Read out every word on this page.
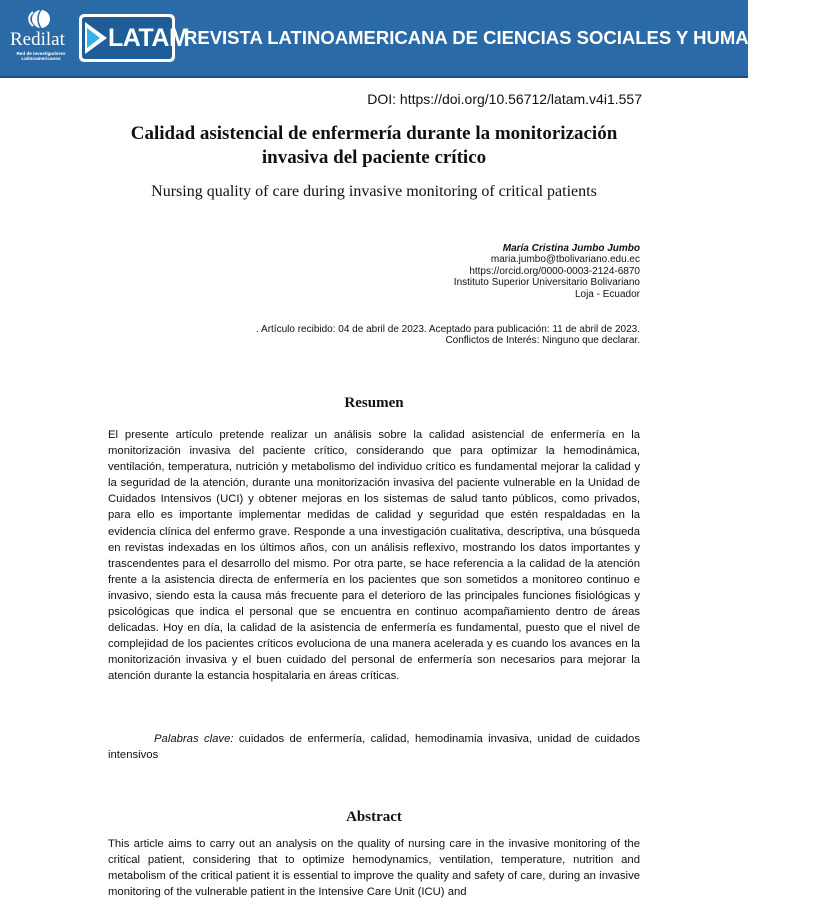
Redilat
Red de Investigadores Latinoamericanos
LATAM
REVISTA LATINOAMERICANA DE CIENCIAS SOCIALES Y HUMANIDADES
DOI: https://doi.org/10.56712/latam.v4i1.557
Calidad asistencial de enfermería durante la monitorización invasiva del paciente crítico
Nursing quality of care during invasive monitoring of critical patients
María Cristina Jumbo Jumbo
maria.jumbo@tbolivariano.edu.ec
https://orcid.org/0000-0003-2124-6870
Instituto Superior Universitario Bolivariano
Loja - Ecuador
. Artículo recibido: 04 de abril de 2023. Aceptado para publicación: 11 de abril de 2023.
Conflictos de Interés: Ninguno que declarar.
Resumen
El presente artículo pretende realizar un análisis sobre la calidad asistencial de enfermería en la monitorización invasiva del paciente crítico, considerando que para optimizar la hemodinámica, ventilación, temperatura, nutrición y metabolismo del individuo crítico es fundamental mejorar la calidad y la seguridad de la atención, durante una monitorización invasiva del paciente vulnerable en la Unidad de Cuidados Intensivos (UCI) y obtener mejoras en los sistemas de salud tanto públicos, como privados, para ello es importante implementar medidas de calidad y seguridad que estén respaldadas en la evidencia clínica del enfermo grave. Responde a una investigación cualitativa, descriptiva, una búsqueda en revistas indexadas en los últimos años, con un análisis reflexivo, mostrando los datos importantes y trascendentes para el desarrollo del mismo. Por otra parte, se hace referencia a la calidad de la atención frente a la asistencia directa de enfermería en los pacientes que son sometidos a monitoreo continuo e invasivo, siendo esta la causa más frecuente para el deterioro de las principales funciones fisiológicas y psicológicas que indica el personal que se encuentra en continuo acompañamiento dentro de áreas delicadas. Hoy en día, la calidad de la asistencia de enfermería es fundamental, puesto que el nivel de complejidad de los pacientes críticos evoluciona de una manera acelerada y es cuando los avances en la monitorización invasiva y el buen cuidado del personal de enfermería son necesarios para mejorar la atención durante la estancia hospitalaria en áreas críticas.
Palabras clave: cuidados de enfermería, calidad, hemodinamia invasiva, unidad de cuidados intensivos
Abstract
This article aims to carry out an analysis on the quality of nursing care in the invasive monitoring of the critical patient, considering that to optimize hemodynamics, ventilation, temperature, nutrition and metabolism of the critical patient it is essential to improve the quality and safety of care, during an invasive monitoring of the vulnerable patient in the Intensive Care Unit (ICU) and
